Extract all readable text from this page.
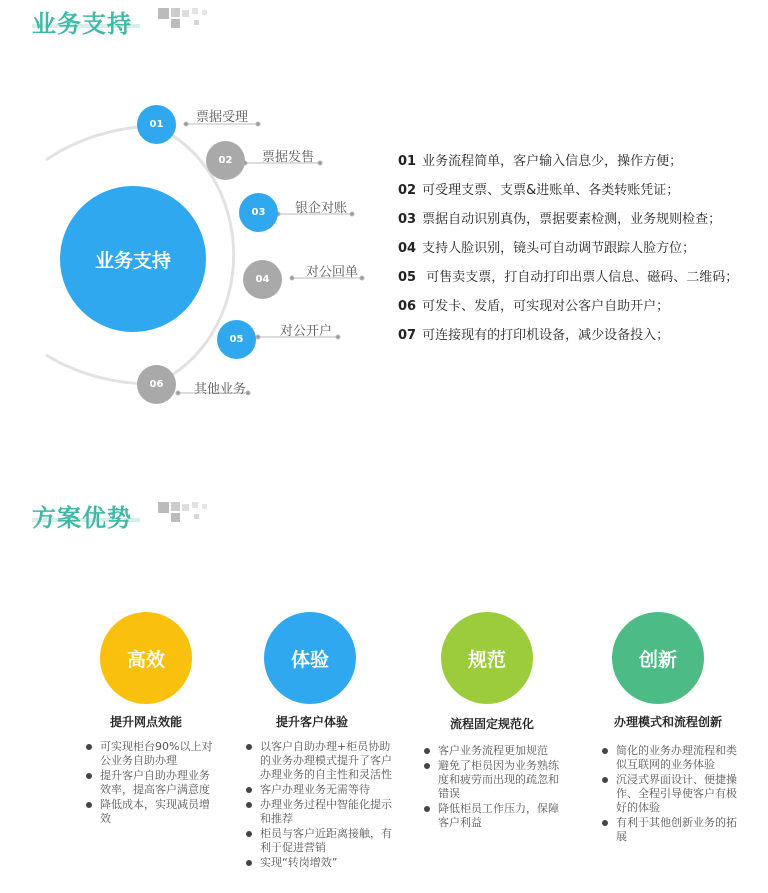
业务支持
业务支持
01
02
03
04
05
06
票据受理
票据发售
银企对账
对公回单
对公开户
其他业务
01 业务流程简单，客户输入信息少，操作方便；
02 可受理支票、支票&进账单、各类转账凭证；
03 票据自动识别真伪，票据要素检测，业务规则检查；
04 支持人脸识别，镜头可自动调节跟踪人脸方位；
05 可售卖支票，打自动打印出票人信息、磁码、二维码；
06 可发卡、发盾，可实现对公客户自助开户；
07 可连接现有的打印机设备，减少设备投入；
方案优势
高效
提升网点效能
可实现柜台90%以上对公业务自助办理
提升客户自助办理业务效率，提高客户满意度
降低成本，实现减员增效
体验
提升客户体验
以客户自助办理+柜员协助的业务办理模式提升了客户办理业务的自主性和灵活性
客户办理业务无需等待
办理业务过程中智能化提示和推荐
柜员与客户近距离接触，有利于促进营销
实现“转岗增效”
规范
流程固定规范化
客户业务流程更加规范
避免了柜员因为业务熟练度和疲劳而出现的疏忽和错误
降低柜员工作压力，保障客户利益
创新
办理模式和流程创新
简化的业务办理流程和类似互联网的业务体验
沉浸式界面设计、便捷操作、全程引导使客户有极好的体验
有利于其他创新业务的拓展
